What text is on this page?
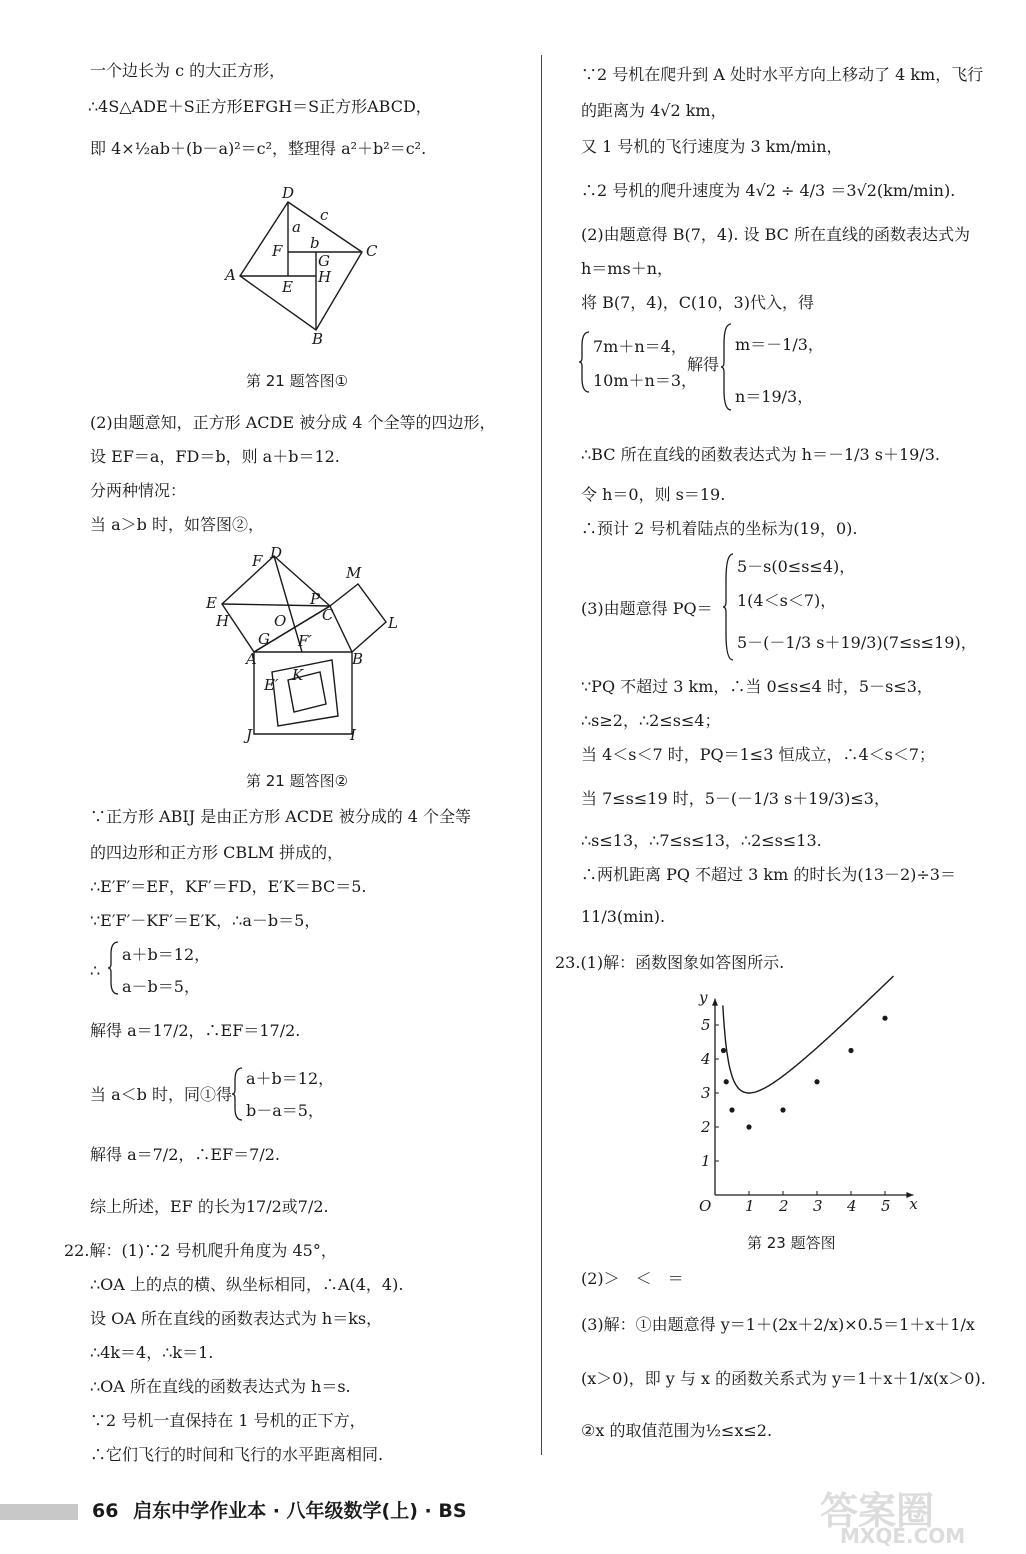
一个边长为 c 的大正方形，
∴4S△ADE＋S正方形EFGH＝S正方形ABCD，
即 4×½ab＋(b－a)²＝c²，整理得 a²＋b²＝c².
D
c
a
b
F
G
C
A	H
E
B
第 21 题答图①
(2)由题意知，正方形 ACDE 被分成 4 个全等的四边形，
设 EF＝a，FD＝b，则 a＋b＝12.
分两种情况：
当 a＞b 时，如答图②，
F D
M
E
H	O
P
C	L
G F′
A	B
E′
K
J	I
第 21 题答图②
∵正方形 ABIJ 是由正方形 ACDE 被分成的 4 个全等
的四边形和正方形 CBLM 拼成的，
∴E′F′＝EF，KF′＝FD，E′K＝BC＝5.
∵E′F′－KF′＝E′K，∴a－b＝5，
∴
a＋b＝12，
a－b＝5，
解得 a＝17/2，∴EF＝17/2.
当 a＜b 时，同①得
a＋b＝12，
b－a＝5，
解得 a＝7/2，∴EF＝7/2.
综上所述，EF 的长为17/2或7/2.
22.解：(1)∵2 号机爬升角度为 45°，
∴OA 上的点的横、纵坐标相同，∴A(4，4).
设 OA 所在直线的函数表达式为 h＝ks，
∴4k＝4，∴k＝1.
∴OA 所在直线的函数表达式为 h＝s.
∵2 号机一直保持在 1 号机的正下方，
∴它们飞行的时间和飞行的水平距离相同.
∵2 号机在爬升到 A 处时水平方向上移动了 4 km，飞行
的距离为 4√2 km，
又 1 号机的飞行速度为 3 km/min，
∴2 号机的爬升速度为 4√2 ÷ 4/3 ＝3√2(km/min).
(2)由题意得 B(7，4). 设 BC 所在直线的函数表达式为
h＝ms＋n，
将 B(7，4)，C(10，3)代入，得
7m＋n＝4，
10m＋n＝3，
解得
m＝－1/3，
n＝19/3，
∴BC 所在直线的函数表达式为 h＝－1/3 s＋19/3.
令 h＝0，则 s＝19.
∴预计 2 号机着陆点的坐标为(19，0).
(3)由题意得 PQ＝
5－s(0≤s≤4)，
1(4＜s＜7)，
5－(－1/3 s＋19/3)(7≤s≤19)，
∵PQ 不超过 3 km，∴当 0≤s≤4 时，5－s≤3，
∴s≥2，∴2≤s≤4；
当 4＜s＜7 时，PQ＝1≤3 恒成立，∴4＜s＜7；
当 7≤s≤19 时，5－(－1/3 s＋19/3)≤3，
∴s≤13，∴7≤s≤13，∴2≤s≤13.
∴两机距离 PQ 不超过 3 km 的时长为(13－2)÷3＝
11/3(min).
23.(1)解：函数图象如答图所示.
1 2 3 4 5
1
2
3
4
5
O	x
y
第 23 题答图
(2)＞　＜　＝
(3)解：①由题意得 y＝1＋(2x＋2/x)×0.5＝1＋x＋1/x
(x＞0)，即 y 与 x 的函数关系式为 y＝1＋x＋1/x(x＞0).
②x 的取值范围为½≤x≤2.
答案圈
MXQE.COM
66 启东中学作业本 · 八年级数学(上) · BS
